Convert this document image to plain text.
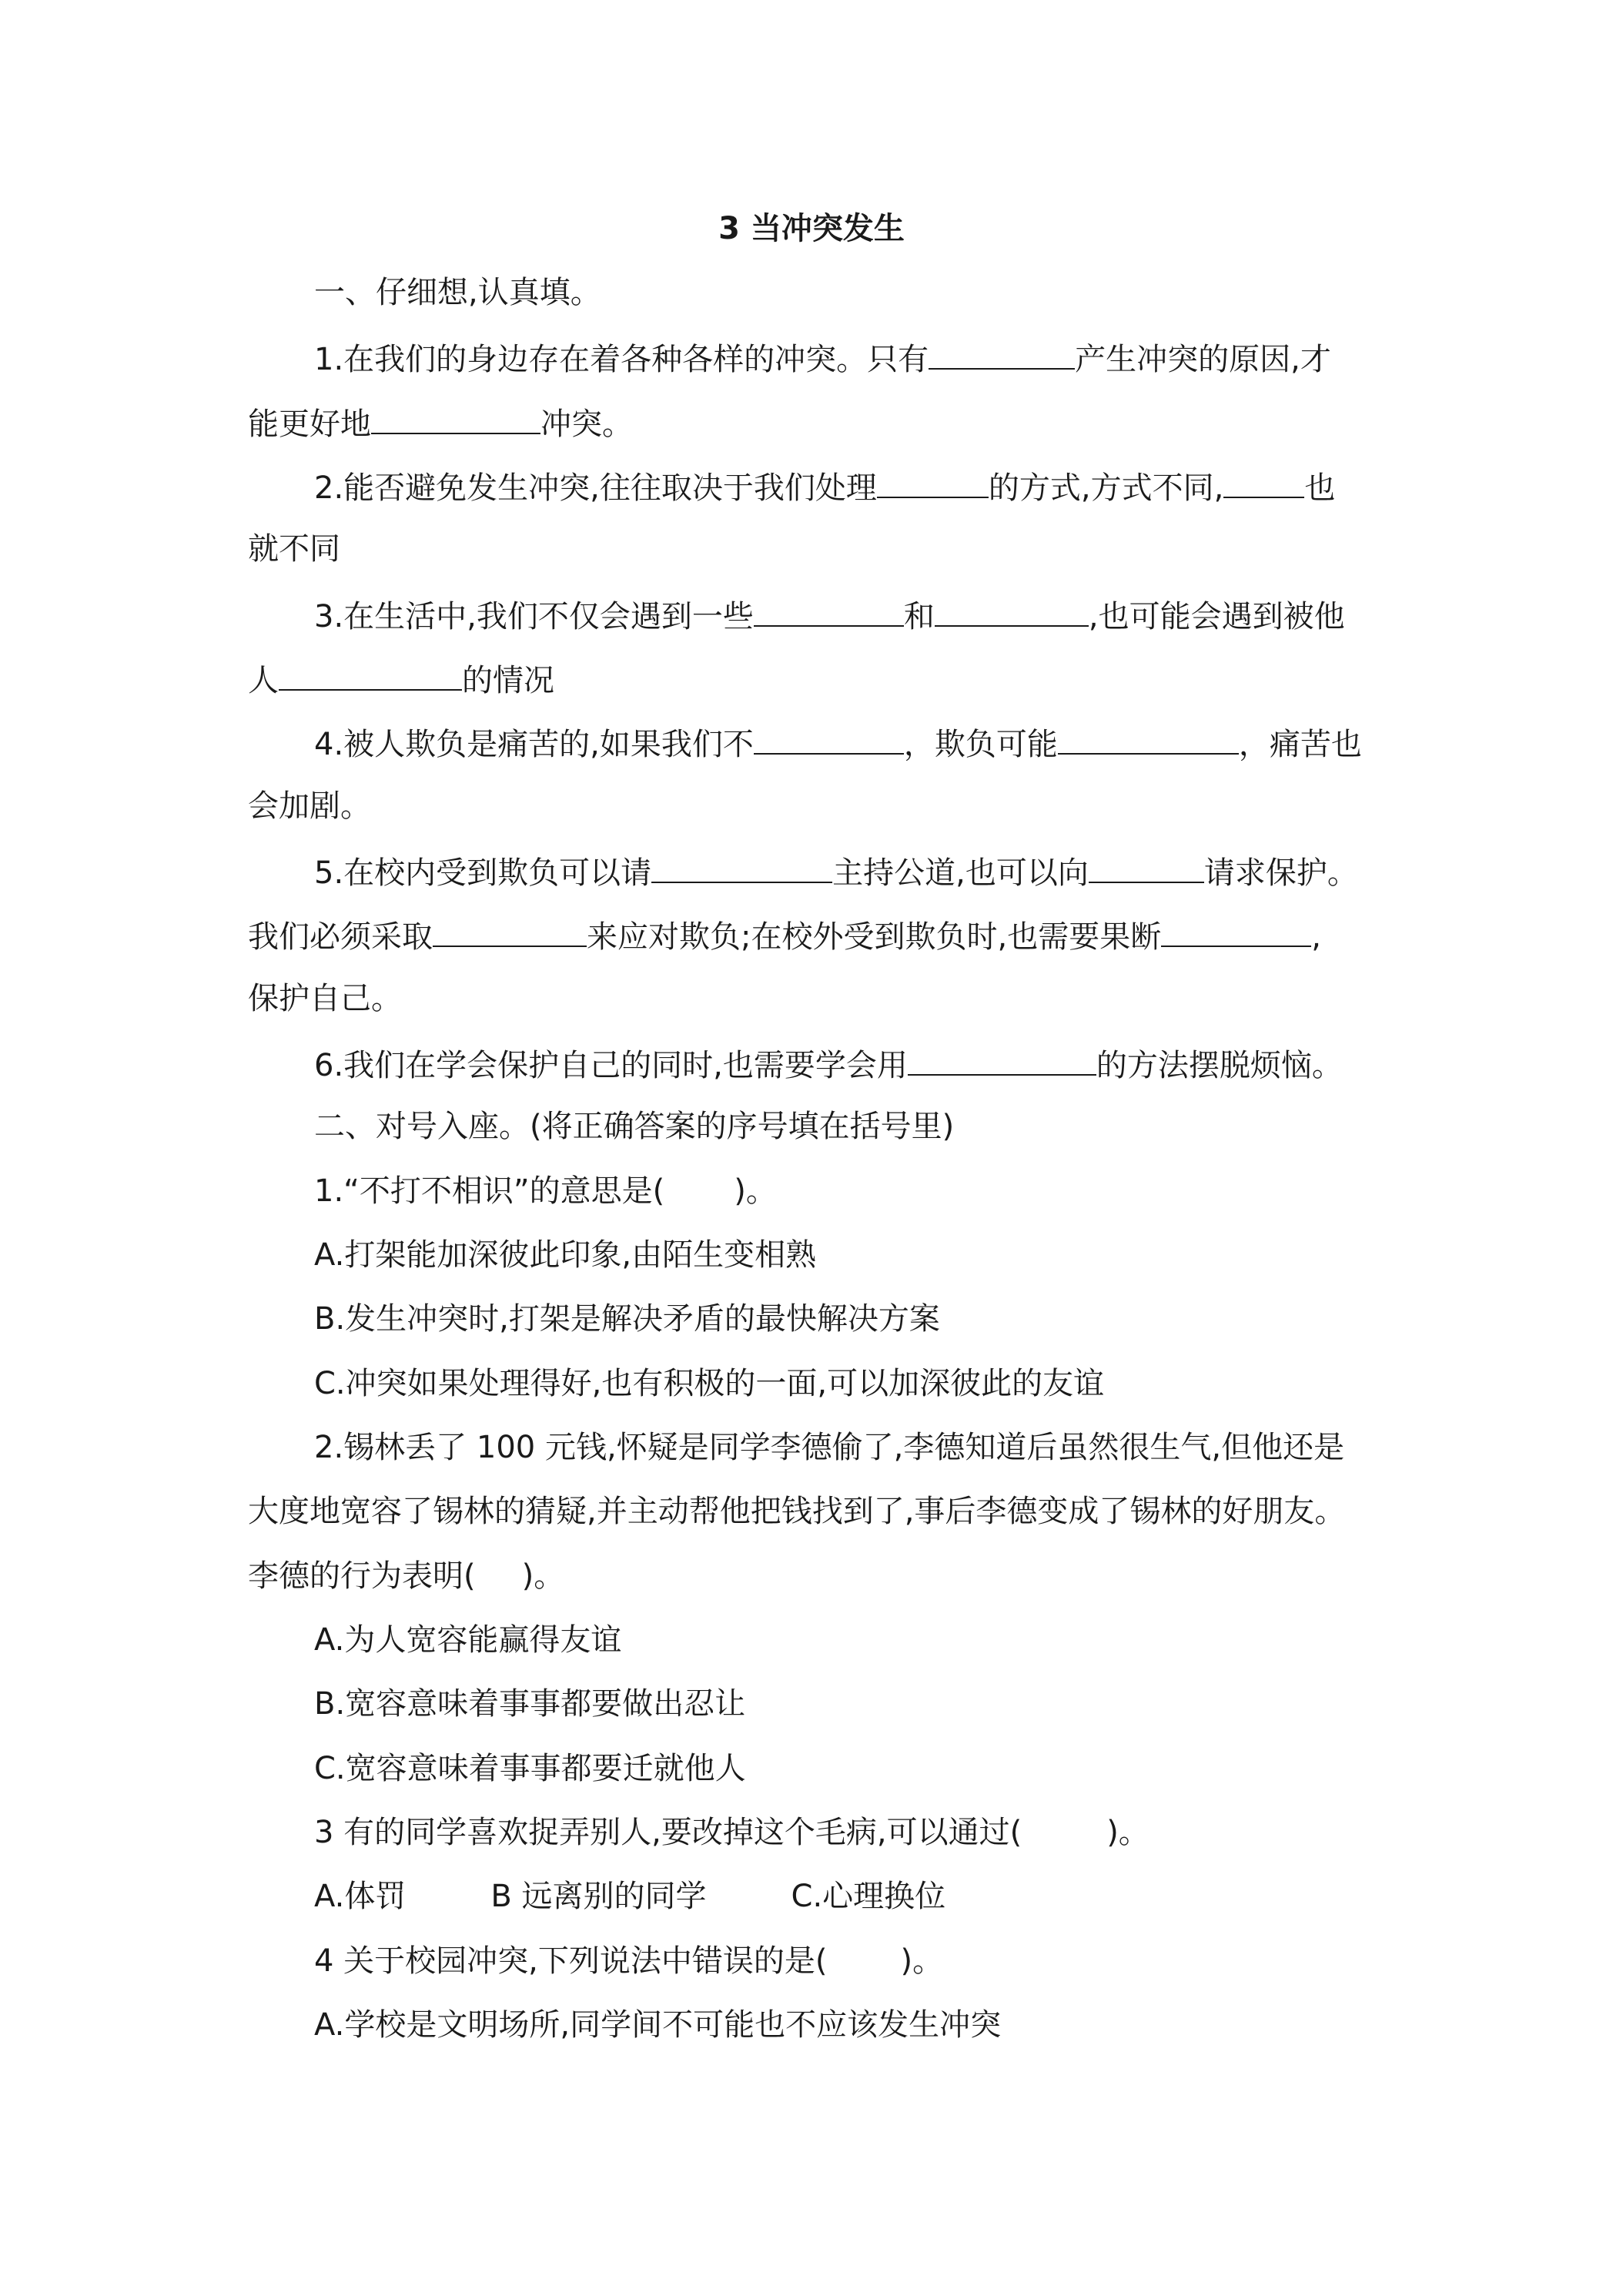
3 当冲突发生
一、仔细想,认真填。
1.在我们的身边存在着各种各样的冲突。只有	产生冲突的原因,才
能更好地	冲突。
2.能否避免发生冲突,往往取决于我们处理	的方式,方式不同,	也
就不同
3.在生活中,我们不仅会遇到一些	和	,也可能会遇到被他
人	的情况
4.被人欺负是痛苦的,如果我们不	，欺负可能	，痛苦也
会加剧。
5.在校内受到欺负可以请	主持公道,也可以向	请求保护。
我们必须采取	来应对欺负;在校外受到欺负时,也需要果断	,
保护自己。
6.我们在学会保护自己的同时,也需要学会用	的方法摆脱烦恼。
二、对号入座。(将正确答案的序号填在括号里)
1.“不打不相识”的意思是( )。
A.打架能加深彼此印象,由陌生变相熟
B.发生冲突时,打架是解决矛盾的最快解决方案
C.冲突如果处理得好,也有积极的一面,可以加深彼此的友谊
2.锡林丢了 100 元钱,怀疑是同学李德偷了,李德知道后虽然很生气,但他还是
大度地宽容了锡林的猜疑,并主动帮他把钱找到了,事后李德变成了锡林的好朋友。
李德的行为表明( )。
A.为人宽容能赢得友谊
B.宽容意味着事事都要做出忍让
C.宽容意味着事事都要迁就他人
3 有的同学喜欢捉弄别人,要改掉这个毛病,可以通过(	)。
A.体罚	B 远离别的同学	C.心理换位
4 关于校园冲突,下列说法中错误的是( )。
A.学校是文明场所,同学间不可能也不应该发生冲突
